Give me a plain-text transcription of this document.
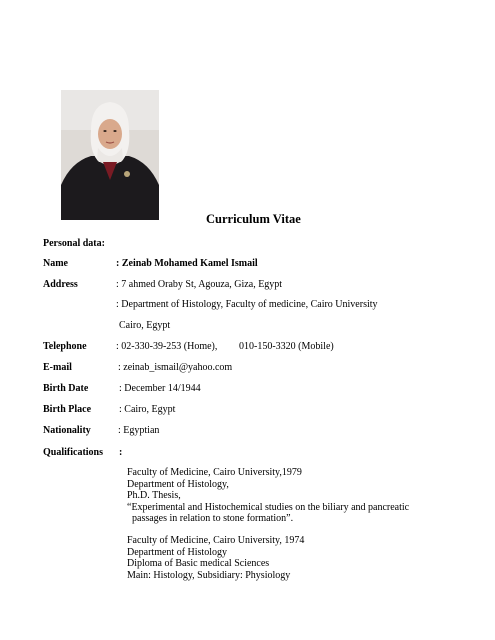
Curriculum Vitae
Personal data:
Name	: Zeinab Mohamed Kamel Ismail
Address	: 7 ahmed Oraby St, Agouza, Giza, Egypt
: Department of Histology, Faculty of medicine, Cairo University
Cairo, Egypt
Telephone	: 02-330-39-253 (Home), 010-150-3320 (Mobile)
E-mail	: zeinab_ismail@yahoo.com
Birth Date	: December 14/1944
Birth Place	: Cairo, Egypt
Nationality	: Egyptian
Qualifications :
Faculty of Medicine, Cairo University,1979
Department of Histology,
Ph.D. Thesis,
“Experimental and Histochemical studies on the biliary and pancreatic
passages in relation to stone formation”.
Faculty of Medicine, Cairo University, 1974
Department of Histology
Diploma of Basic medical Sciences
Main: Histology, Subsidiary: Physiology
